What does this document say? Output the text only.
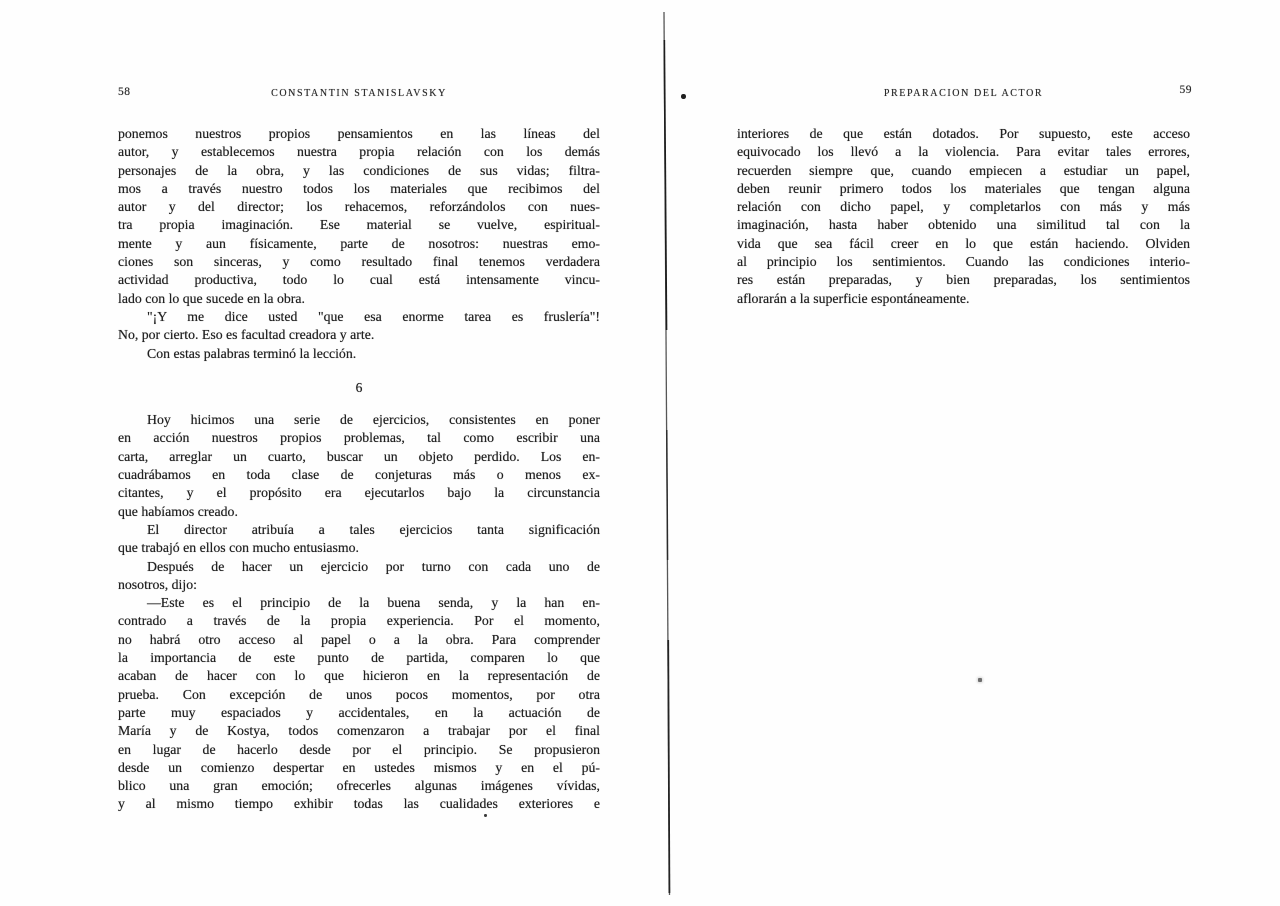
58	CONSTANTIN STANISLAVSKY	PREPARACION DEL ACTOR	59
ponemos nuestros propios pensamientos en las líneas del
autor, y establecemos nuestra propia relación con los demás
personajes de la obra, y las condiciones de sus vidas; filtra-
mos a través nuestro todos los materiales que recibimos del
autor y del director; los rehacemos, reforzándolos con nues-
tra propia imaginación. Ese material se vuelve, espiritual-
mente y aun físicamente, parte de nosotros: nuestras emo-
ciones son sinceras, y como resultado final tenemos verdadera
actividad productiva, todo lo cual está intensamente vincu-
lado con lo que sucede en la obra.
"¡Y me dice usted "que esa enorme tarea es fruslería"!
No, por cierto. Eso es facultad creadora y arte.
Con estas palabras terminó la lección.
6
Hoy hicimos una serie de ejercicios, consistentes en poner
en acción nuestros propios problemas, tal como escribir una
carta, arreglar un cuarto, buscar un objeto perdido. Los en-
cuadrábamos en toda clase de conjeturas más o menos ex-
citantes, y el propósito era ejecutarlos bajo la circunstancia
que habíamos creado.
El director atribuía a tales ejercicios tanta significación
que trabajó en ellos con mucho entusiasmo.
Después de hacer un ejercicio por turno con cada uno de
nosotros, dijo:
—Este es el principio de la buena senda, y la han en-
contrado a través de la propia experiencia. Por el momento,
no habrá otro acceso al papel o a la obra. Para comprender
la importancia de este punto de partida, comparen lo que
acaban de hacer con lo que hicieron en la representación de
prueba. Con excepción de unos pocos momentos, por otra
parte muy espaciados y accidentales, en la actuación de
María y de Kostya, todos comenzaron a trabajar por el final
en lugar de hacerlo desde por el principio. Se propusieron
desde un comienzo despertar en ustedes mismos y en el pú-
blico una gran emoción; ofrecerles algunas imágenes vívidas,
y al mismo tiempo exhibir todas las cualidades exteriores e
interiores de que están dotados. Por supuesto, este acceso
equivocado los llevó a la violencia. Para evitar tales errores,
recuerden siempre que, cuando empiecen a estudiar un papel,
deben reunir primero todos los materiales que tengan alguna
relación con dicho papel, y completarlos con más y más
imaginación, hasta haber obtenido una similitud tal con la
vida que sea fácil creer en lo que están haciendo. Olviden
al principio los sentimientos. Cuando las condiciones interio-
res están preparadas, y bien preparadas, los sentimientos
aflorarán a la superficie espontáneamente.
